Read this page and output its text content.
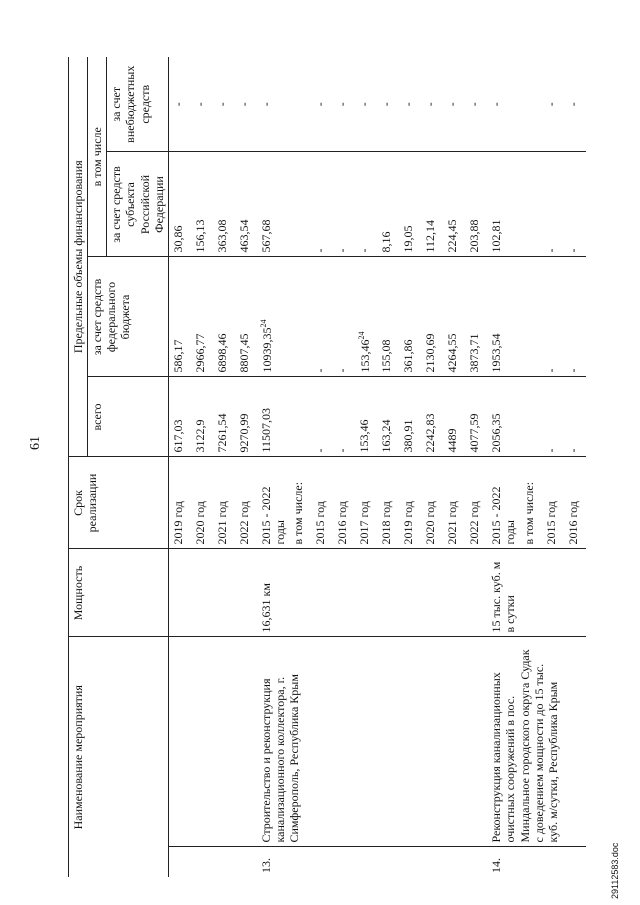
61
29112583.doc
Наименование мероприятия		Мощность	Срок реализации	Предельные объемы финансирования			
				всего	за счет средств федерального бюджета	в том числе	
						за счет средств субъекта Российской Федерации	за счет внебюджетных средств
			2019 год	617,03	586,17	30,86	-
			2020 год	3122,9	2966,77	156,13	-
			2021 год	7261,54	6898,46	363,08	-
			2022 год	9270,99	8807,45	463,54	-
13.	Строительство и реконструкция канализационного коллектора, г. Симферополь, Республика Крым	16,631 км	2015 - 2022 годы	11507,03	10939,35$^{24}$	567,68	-
			в том числе:				
			2015 год	-	-	-	-
			2016 год	-	-	-	-
			2017 год	153,46	153,46$^{24}$	-	-
			2018 год	163,24	155,08	8,16	-
			2019 год	380,91	361,86	19,05	-
			2020 год	2242,83	2130,69	112,14	-
			2021 год	4489	4264,55	224,45	-
			2022 год	4077,59	3873,71	203,88	-
14.	Реконструкция канализационных очистных сооружений в пос. Миндальное городского округа Судак с доведением мощности до 15 тыс. куб. м/сутки, Республика Крым	15 тыс. куб. м в сутки	2015 - 2022 годы	2056,35	1953,54	102,81	-
			в том числе:				
			2015 год	-	-	-	-
			2016 год	-	-	-	-
